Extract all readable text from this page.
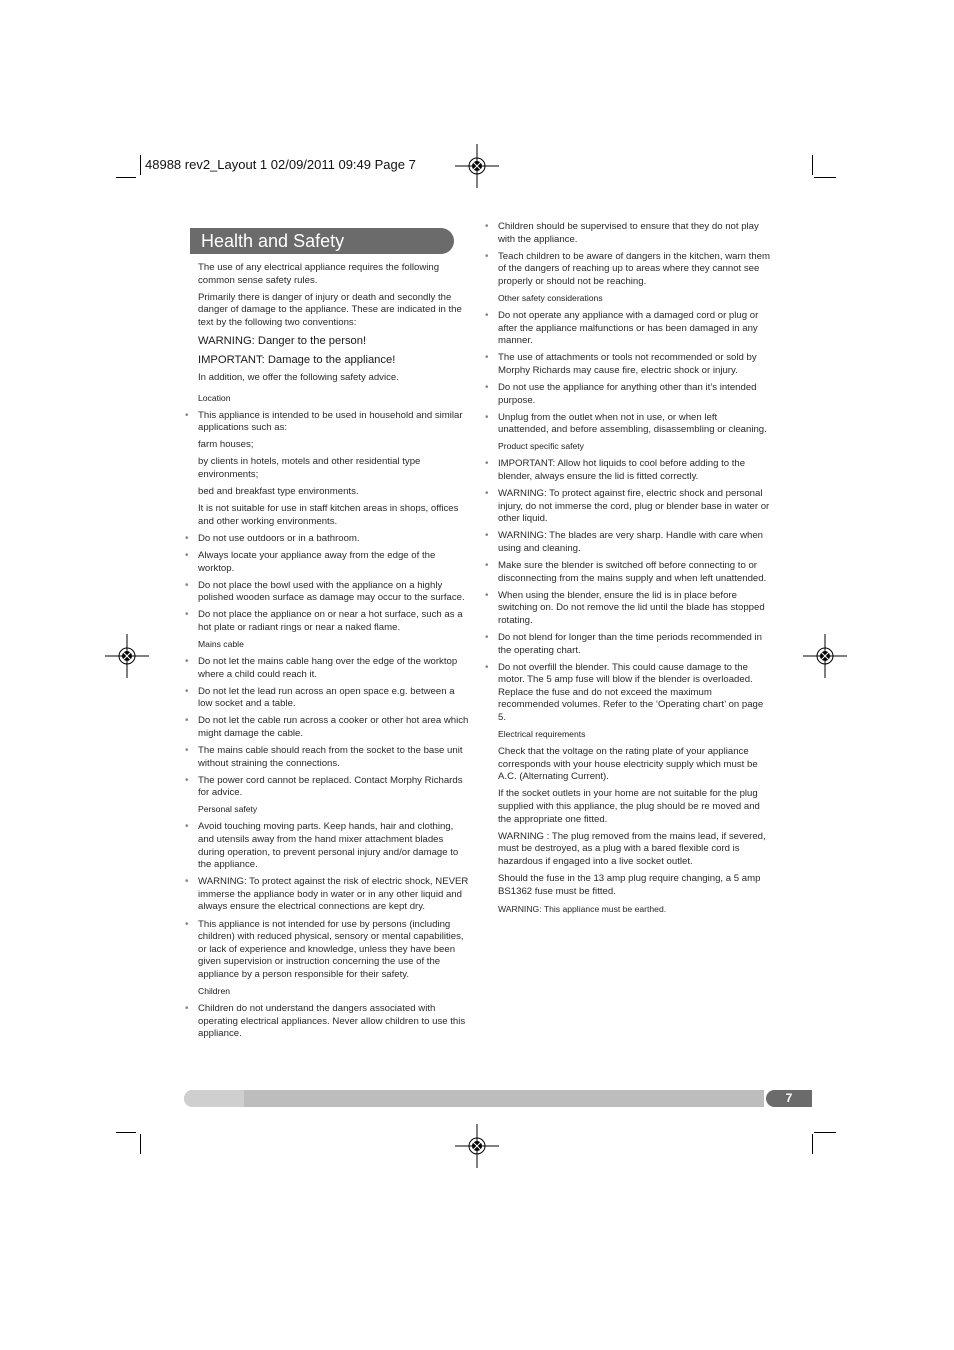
48988 rev2_Layout 1 02/09/2011 09:49 Page 7
Health and Safety

The use of any electrical appliance requires the following common sense safety rules.

Primarily there is danger of injury or death and secondly the danger of damage to the appliance. These are indicated in the text by the following two conventions:

WARNING: Danger to the person!

IMPORTANT: Damage to the appliance!

In addition, we offer the following safety advice.

Location
• This appliance is intended to be used in household and similar applications such as:

farm houses;

by clients in hotels, motels and other residential type environments;

bed and breakfast type environments.

It is not suitable for use in staff kitchen areas in shops, offices and other working environments.

• Do not use outdoors or in a bathroom.
• Always locate your appliance away from the edge of the worktop.
• Do not place the bowl used with the appliance on a highly polished wooden surface as damage may occur to the surface.
• Do not place the appliance on or near a hot surface, such as a hot plate or radiant rings or near a naked flame.
Mains cable
• Do not let the mains cable hang over the edge of the worktop where a child could reach it.
• Do not let the lead run across an open space e.g. between a low socket and a table.
• Do not let the cable run across a cooker or other hot area which might damage the cable.
• The mains cable should reach from the socket to the base unit without straining the connections.
• The power cord cannot be replaced. Contact Morphy Richards for advice.
Personal safety
• Avoid touching moving parts. Keep hands, hair and clothing, and utensils away from the hand mixer attachment blades during operation, to prevent personal injury and/or damage to the appliance.
• WARNING: To protect against the risk of electric shock, NEVER immerse the appliance body in water or in any other liquid and always ensure the electrical connections are kept dry.
• This appliance is not intended for use by persons (including children) with reduced physical, sensory or mental capabilities, or lack of experience and knowledge, unless they have been given supervision or instruction concerning the use of the appliance by a person responsible for their safety.
Children
• Children do not understand the dangers associated with operating electrical appliances. Never allow children to use this appliance.
• Children should be supervised to ensure that they do not play with the appliance.
• Teach children to be aware of dangers in the kitchen, warn them of the dangers of reaching up to areas where they cannot see properly or should not be reaching.
Other safety considerations
• Do not operate any appliance with a damaged cord or plug or after the appliance malfunctions or has been damaged in any manner.
• The use of attachments or tools not recommended or sold by Morphy Richards may cause fire, electric shock or injury.
• Do not use the appliance for anything other than it’s intended purpose.
• Unplug from the outlet when not in use, or when left unattended, and before assembling, disassembling or cleaning.
Product specific safety
• IMPORTANT: Allow hot liquids to cool before adding to the blender, always ensure the lid is fitted correctly.
• WARNING: To protect against fire, electric shock and personal injury, do not immerse the cord, plug or blender base in water or other liquid.
• WARNING: The blades are very sharp. Handle with care when using and cleaning.
• Make sure the blender is switched off before connecting to or disconnecting from the mains supply and when left unattended.
• When using the blender, ensure the lid is in place before switching on. Do not remove the lid until the blade has stopped rotating.
• Do not blend for longer than the time periods recommended in the operating chart.
• Do not overfill the blender. This could cause damage to the motor. The 5 amp fuse will blow if the blender is overloaded. Replace the fuse and do not exceed the maximum recommended volumes. Refer to the ‘Operating chart’ on page 5.
Electrical requirements

Check that the voltage on the rating plate of your appliance corresponds with your house electricity supply which must be A.C. (Alternating Current).

If the socket outlets in your home are not suitable for the plug supplied with this appliance, the plug should be re moved and the appropriate one fitted.

WARNING : The plug removed from the mains lead, if severed, must be destroyed, as a plug with a bared flexible cord is hazardous if engaged into a live socket outlet.

Should the fuse in the 13 amp plug require changing, a 5 amp BS1362 fuse must be fitted.

WARNING: This appliance must be earthed.

7
